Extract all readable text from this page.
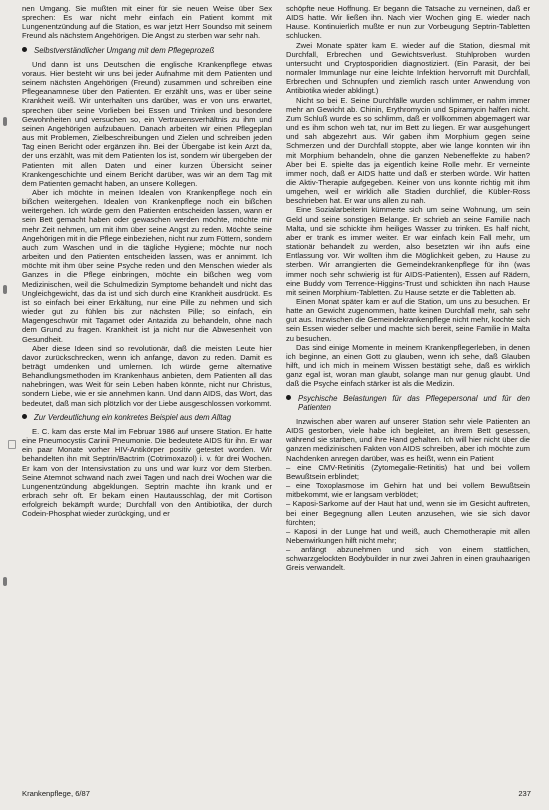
nen Umgang. Sie mußten mit einer für sie neuen Weise über Sex sprechen: Es war nicht mehr einfach ein Patient kommt mit Lungenentzündung auf die Station, es war jetzt Herr Soundso mit seinem Freund als nächstem Angehörigen. Die Angst zu sterben war sehr nah.

Selbstverständlicher Umgang mit dem Pflegeprozeß

Und dann ist uns Deutschen die englische Krankenpflege etwas voraus. Hier besteht wir uns bei jeder Aufnahme mit dem Patienten und seinem nächsten Angehörigen (Freund) zusammen und schreiben eine Pflegeanamnese über den Patienten. Er erzählt uns, was er über seine Krankheit weiß. Wir unterhalten uns darüber, was er von uns erwartet, sprechen über seine Vorlieben bei Essen und Trinken und besondere Gewohnheiten und versuchen so, ein Vertrauensverhältnis zu ihm und seinen Angehörigen aufzubauen. Danach arbeiten wir einen Pflegeplan aus mit Problemen, Zielbeschreibungen und Zielen und schreiben jeden Tag einen Bericht oder ergänzen ihn. Bei der Übergabe ist kein Arzt da, der uns erzählt, was mit dem Patienten los ist, sondern wir übergeben der Patienten mit allen Daten und einer kurzen Übersicht seiner Krankengeschichte und einem Bericht darüber, was wir an dem Tag mit dem Patienten gemacht haben, an unsere Kollegen.

Aber ich möchte in meinen Idealen von Krankenpflege noch ein bißchen weitergehen. Idealen von Krankenpflege noch ein bißchen weitergehen. Ich würde gern den Patienten entscheiden lassen, wann er sein Bett gemacht haben oder gewaschen werden möchte, möchte mir mehr Zeit nehmen, um mit ihm über seine Angst zu reden. Möchte seine Angehörigen mit in die Pflege einbeziehen, nicht nur zum Füttern, sondern auch zum Waschen und in die tägliche Hygiene; möchte nur noch arbeiten und den Patienten entscheiden lassen, was er annimmt. Ich möchte mit ihm über seine Psyche reden und den Menschen wieder als Ganzes in die Pflege einbringen, möchte ein bißchen weg vom Medizinischen, weil die Schulmedizin Symptome behandelt und nicht das Ungleichgewicht, das da ist und sich durch eine Krankheit ausdrückt. Es ist so einfach bei einer Erkältung, nur eine Pille zu nehmen und sich wieder gut zu fühlen bis zur nächsten Pille; so einfach, ein Magengeschwür mit Tagamet oder Antazida zu behandeln, ohne nach dem Grund zu fragen. Krankheit ist ja nicht nur die Abwesenheit von Gesundheit.

Aber diese Ideen sind so revolutionär, daß die meisten Leute hier davor zurückschrecken, wenn ich anfange, davon zu reden. Damit es beträgt umdenken und umlernen. Ich würde gerne alternative Behandlungsmethoden im Krankenhaus anbieten, dem Patienten all das nahebringen, was Weit für sein Leben haben könnte, nicht nur Christus, sondern Liebe, wie er sie annehmen kann. Und dann AIDS, das Wort, das bedeutet, daß man sich plötzlich vor der Liebe ausgeschlossen vorkommt.

Zur Verdeutlichung ein konkretes Beispiel aus dem Alltag

E. C. kam das erste Mal im Februar 1986 auf unsere Station. Er hatte eine Pneumocystis Carinii Pneumonie. Die bedeutete AIDS für ihn. Er war ein paar Monate vorher HIV-Antikörper positiv getestet worden. Wir behandelten ihn mit Septrin/Bactrim (Cotrimoxazol) i. v. für drei Wochen. Er kam von der Intensivstation zu uns und war kurz vor dem Sterben. Seine Atemnot schwand nach zwei Tagen und nach drei Wochen war die Lungenentzündung abgeklungen. Septrin machte ihn krank und er erbrach sehr oft. Er bekam einen Hautausschlag, der mit Cortison erfolgreich bekämpft wurde; Durchfall von den Antibiotika, der durch Codein-Phosphat wieder zurückging, und er

schöpfte neue Hoffnung. Er begann die Tatsache zu verneinen, daß er AIDS hatte. Wir ließen ihn. Nach vier Wochen ging E. wieder nach Hause. Kontinuierlich mußte er nun zur Vorbeugung Septrin-Tabletten schlucken.

Zwei Monate später kam E. wieder auf die Station, diesmal mit Durchfall, Erbrechen und Gewichtsverlust. Stuhlproben wurden untersucht und Cryptosporidien diagnostiziert. (Ein Parasit, der bei normaler Immunlage nur eine leichte Infektion hervorruft mit Durchfall, Erbrechen und Schnupfen und ziemlich rasch unter Anwendung von Antibiotika wieder abklingt.)

Nicht so bei E. Seine Durchfälle wurden schlimmer, er nahm immer mehr an Gewicht ab. Chinin, Erythromycin und Spiramycin halfen nicht. Zum Schluß wurde es so schlimm, daß er vollkommen abgemagert war und es ihm schon weh tat, nur im Bett zu liegen. Er war ausgehungert und sah abgezehrt aus. Wir gaben ihm Morphium gegen seine Schmerzen und der Durchfall stoppte, aber wie lange konnten wir ihn mit Morphium behandeln, ohne die ganzen Nebeneffekte zu haben? Aber bei E. spielte das ja eigentlich keine Rolle mehr. Er verneinte immer noch, daß er AIDS hatte und daß er sterben würde. Wir hatten die Aktiv-Therapie aufgegeben. Keiner von uns konnte richtig mit ihm umgehen, weil er wirklich alle Stadien durchlief, die Kübler-Ross beschrieben hat. Er war uns allen zu nah.

Eine Sozialarbeiterin kümmerte sich um seine Wohnung, um sein Geld und seine sonstigen Belange. Er schrieb an seine Familie nach Malta, und sie schickte ihm heiliges Wasser zu trinken. Es half nicht, aber er trank es immer weiter. Er war einfach kein Fall mehr, um stationär behandelt zu werden, also besetzten wir ihn aufs eine Entlassung vor. Wir wollten ihm die Möglichkeit geben, zu Hause zu sterben. Wir arrangierten die Gemeindekrankenpflege für ihn (was immer noch sehr schwierig ist für AIDS-Patienten), Essen auf Rädern, eine Buddy vom Terrence-Higgins-Trust und schickten ihn nach Hause mit seinen Morphium-Tabletten. Zu Hause setzte er die Tabletten ab.

Einen Monat später kam er auf die Station, um uns zu besuchen. Er hatte an Gewicht zugenommen, hatte keinen Durchfall mehr, sah sehr gut aus. Inzwischen die Gemeindekrankenpflege nicht mehr, kochte sich sein Essen wieder selber und machte sich bereit, seine Familie in Malta zu besuchen.

Das sind einige Momente in meinem Krankenpflegerleben, in denen ich beginne, an einen Gott zu glauben, wenn ich sehe, daß Glauben hilft, und ich mich in meinem Wissen bestätigt sehe, daß es wirklich ganz egal ist, woran man glaubt, solange man nur genug glaubt. Und daß die Psyche einfach stärker ist als die Medizin.

Psychische Belastungen für das Pflegepersonal und für den Patienten

Inzwischen aber waren auf unserer Station sehr viele Patienten an AIDS gestorben, viele habe ich begleitet, an ihrem Bett gesessen, während sie starben, und ihre Hand gehalten. Ich will hier nicht über die ganzen medizinischen Fakten von AIDS schreiben, aber ich möchte zum Nachdenken anregen darüber, was es heißt, wenn ein Patient

– eine CMV-Retinitis (Zytomegalie-Retinitis) hat und bei vollem Bewußtsein erblindet;

– eine Toxoplasmose im Gehirn hat und bei vollem Bewußtsein mitbekommt, wie er langsam verblödet;

– Kaposi-Sarkome auf der Haut hat und, wenn sie im Gesicht auftreten, bei einer Begegnung allen Leuten anzusehen, wie sie sich davor fürchten;

– Kaposi in der Lunge hat und weiß, auch Chemotherapie mit allen Nebenwirkungen hilft nicht mehr;

– anfängt abzunehmen und sich von einem stattlichen, schwarzgelockten Bodybuilder in nur zwei Jahren in einen grauhaarigen Greis verwandelt.

Krankenpflege, 6/87	237
